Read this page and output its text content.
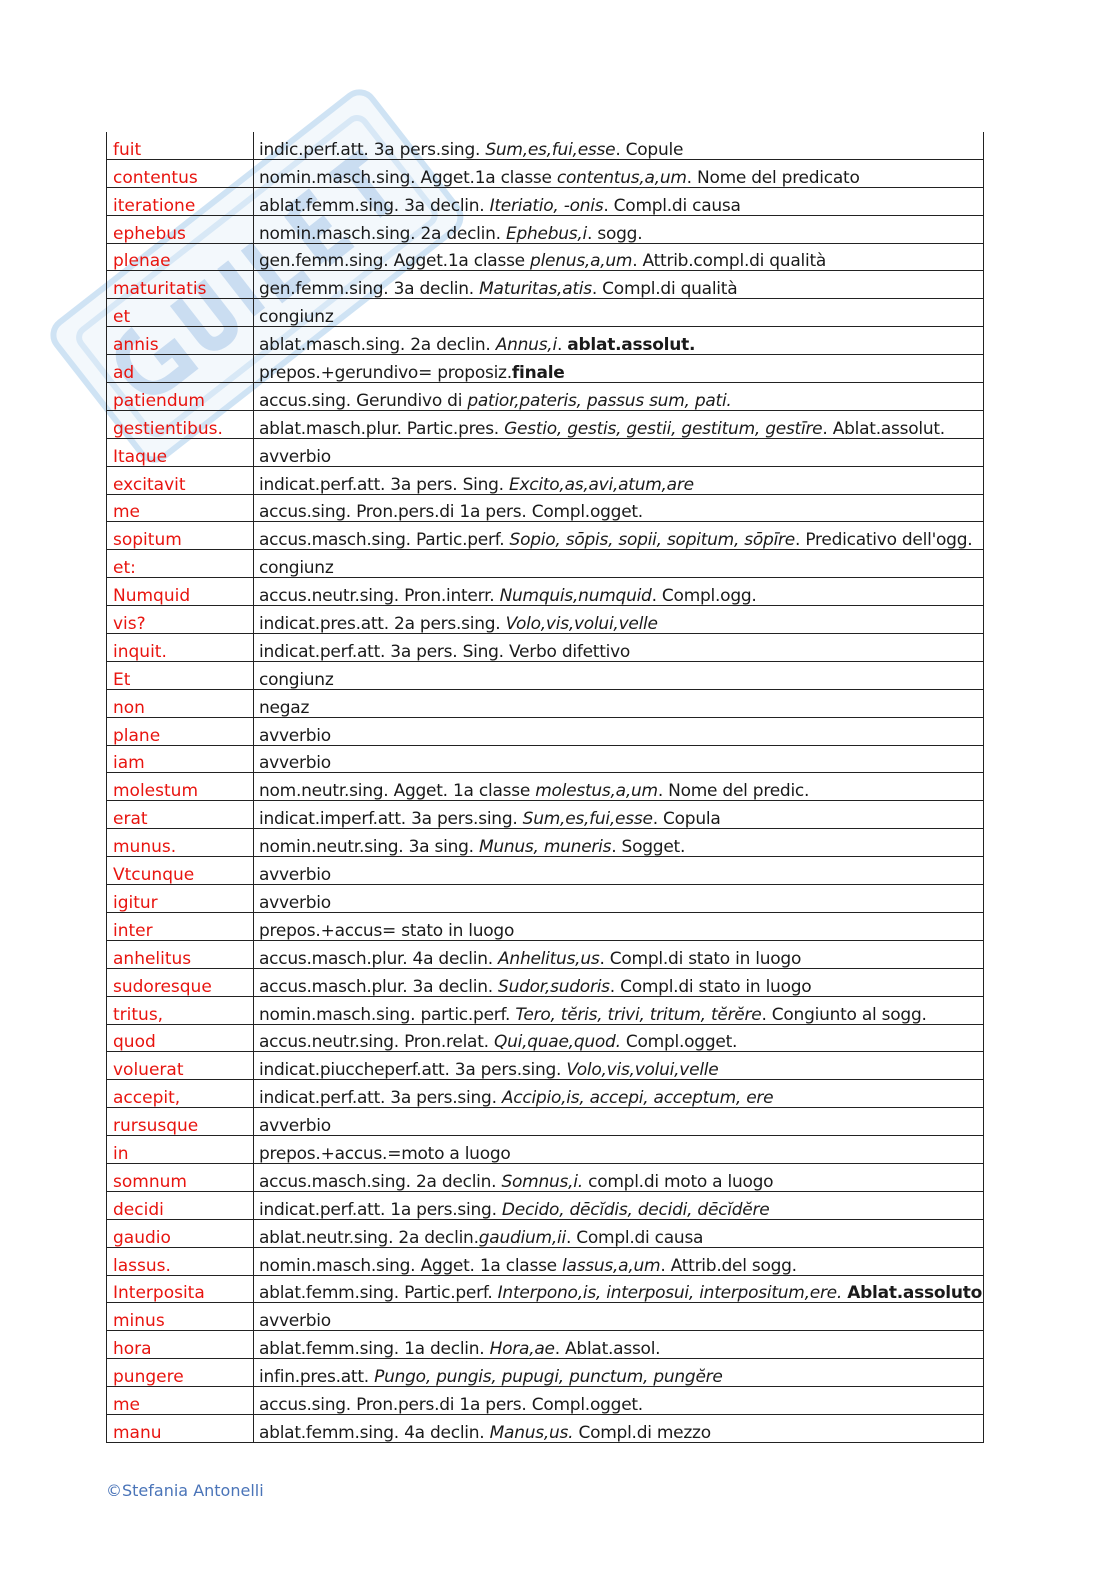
fuit	indic.perf.att. 3a pers.sing. Sum,es,fui,esse. Copule
contentus	nomin.masch.sing. Agget.1a classe contentus,a,um. Nome del predicato
iteratione	ablat.femm.sing. 3a declin. Iteriatio, -onis. Compl.di causa
ephebus	nomin.masch.sing. 2a declin. Ephebus,i. sogg.
plenae	gen.femm.sing. Agget.1a classe plenus,a,um. Attrib.compl.di qualità
maturitatis	gen.femm.sing. 3a declin. Maturitas,atis. Compl.di qualità
et	congiunz
annis	ablat.masch.sing. 2a declin. Annus,i. ablat.assolut.
ad	prepos.+gerundivo= proposiz.finale
patiendum	accus.sing. Gerundivo di patior,pateris, passus sum, pati.
gestientibus.	ablat.masch.plur. Partic.pres. Gestio, gestis, gestii, gestitum, gestīre. Ablat.assolut.
Itaque	avverbio
excitavit	indicat.perf.att. 3a pers. Sing. Excito,as,avi,atum,are
me	accus.sing. Pron.pers.di 1a pers. Compl.ogget.
sopitum	accus.masch.sing. Partic.perf. Sopio, sōpis, sopii, sopitum, sōpīre. Predicativo dell'ogg.
et:	congiunz
Numquid	accus.neutr.sing. Pron.interr. Numquis,numquid. Compl.ogg.
vis?	indicat.pres.att. 2a pers.sing. Volo,vis,volui,velle
inquit.	indicat.perf.att. 3a pers. Sing. Verbo difettivo
Et	congiunz
non	negaz
plane	avverbio
iam	avverbio
molestum	nom.neutr.sing. Agget. 1a classe molestus,a,um. Nome del predic.
erat	indicat.imperf.att. 3a pers.sing. Sum,es,fui,esse. Copula
munus.	nomin.neutr.sing. 3a sing. Munus, muneris. Sogget.
Vtcunque	avverbio
igitur	avverbio
inter	prepos.+accus= stato in luogo
anhelitus	accus.masch.plur. 4a declin. Anhelitus,us. Compl.di stato in luogo
sudoresque	accus.masch.plur. 3a declin. Sudor,sudoris. Compl.di stato in luogo
tritus,	nomin.masch.sing. partic.perf. Tero, tĕris, trivi, tritum, tĕrĕre. Congiunto al sogg.
quod	accus.neutr.sing. Pron.relat. Qui,quae,quod. Compl.ogget.
voluerat	indicat.piuccheperf.att. 3a pers.sing. Volo,vis,volui,velle
accepit,	indicat.perf.att. 3a pers.sing. Accipio,is, accepi, acceptum, ere
rursusque	avverbio
in	prepos.+accus.=moto a luogo
somnum	accus.masch.sing. 2a declin. Somnus,i. compl.di moto a luogo
decidi	indicat.perf.att. 1a pers.sing. Decido, dēcĭdis, decidi, dēcĭdĕre
gaudio	ablat.neutr.sing. 2a declin.gaudium,ii. Compl.di causa
lassus.	nomin.masch.sing. Agget. 1a classe lassus,a,um. Attrib.del sogg.
Interposita	ablat.femm.sing. Partic.perf. Interpono,is, interposui, interpositum,ere. Ablat.assoluto
minus	avverbio
hora	ablat.femm.sing. 1a declin. Hora,ae. Ablat.assol.
pungere	infin.pres.att. Pungo, pungis, pupugi, punctum, pungĕre
me	accus.sing. Pron.pers.di 1a pers. Compl.ogget.
manu	ablat.femm.sing. 4a declin. Manus,us. Compl.di mezzo
©Stefania Antonelli
